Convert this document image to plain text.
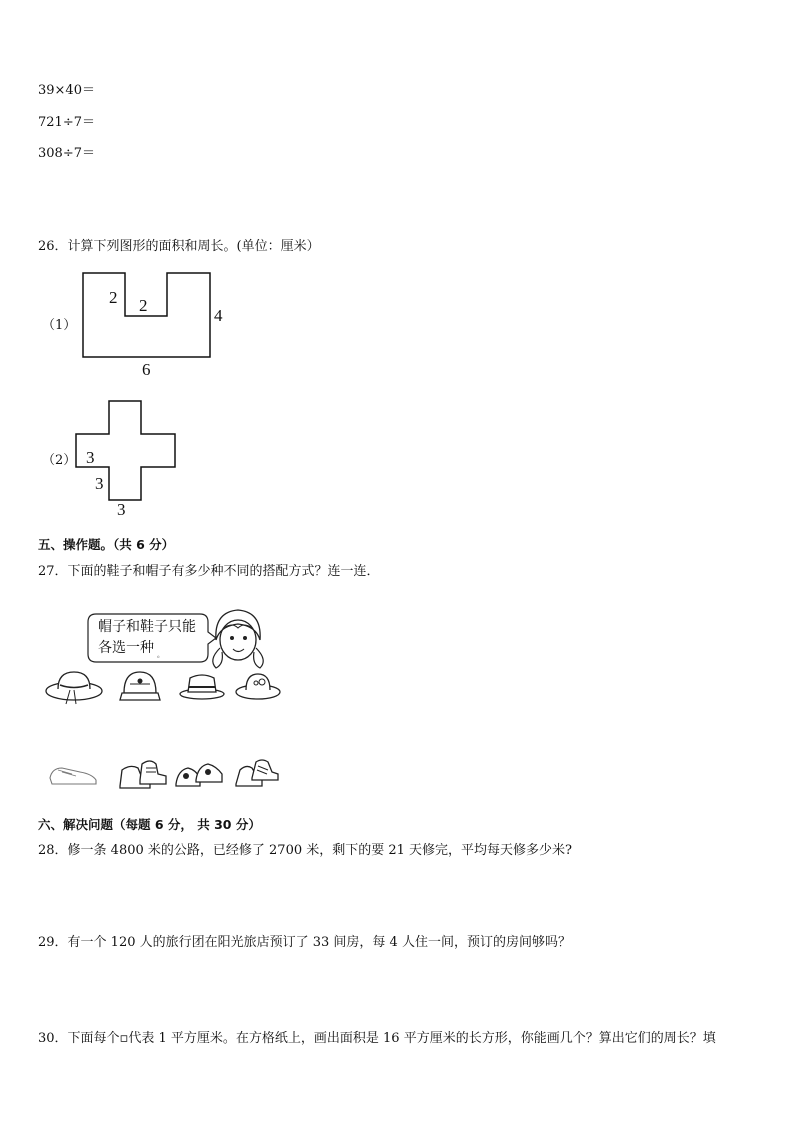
39×40＝
721÷7＝
308÷7＝
26．计算下列图形的面积和周长。(单位：厘米）
（1）
2 2
4
6
（2） 3
3
3
五、操作题。（共 6 分）
27．下面的鞋子和帽子有多少种不同的搭配方式？连一连．
帽子和鞋子只能
各选一种 。
六、解决问题（每题 6 分， 共 30 分）
28．修一条 4800 米的公路，已经修了 2700 米，剩下的要 21 天修完，平均每天修多少米?
29．有一个 120 人的旅行团在阳光旅店预订了 33 间房，每 4 人住一间，预订的房间够吗？
30．下面每个▫代表 1 平方厘米。在方格纸上，画出面积是 16 平方厘米的长方形，你能画几个？算出它们的周长？填
